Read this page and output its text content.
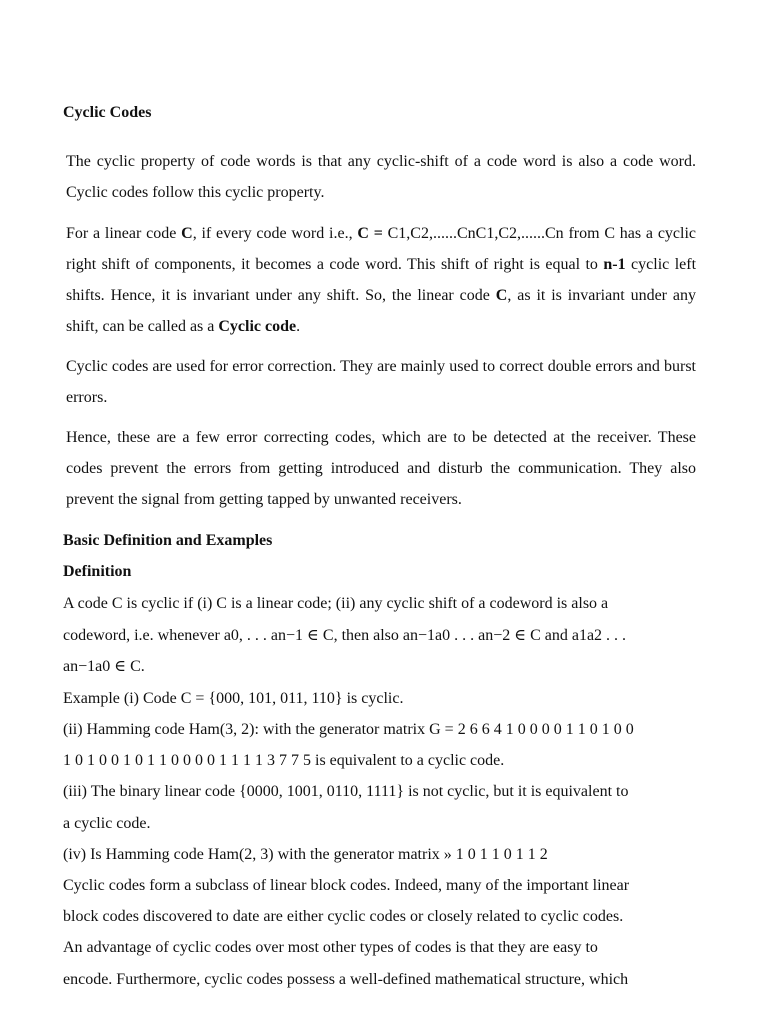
Cyclic Codes
The cyclic property of code words is that any cyclic-shift of a code word is also a code word. Cyclic codes follow this cyclic property.
For a linear code C, if every code word i.e., C = C1,C2,......CnC1,C2,......Cn from C has a cyclic right shift of components, it becomes a code word. This shift of right is equal to n-1 cyclic left shifts. Hence, it is invariant under any shift. So, the linear code C, as it is invariant under any shift, can be called as a Cyclic code.
Cyclic codes are used for error correction. They are mainly used to correct double errors and burst errors.
Hence, these are a few error correcting codes, which are to be detected at the receiver. These codes prevent the errors from getting introduced and disturb the communication. They also prevent the signal from getting tapped by unwanted receivers.
Basic Definition and Examples
Definition
A code C is cyclic if (i) C is a linear code; (ii) any cyclic shift of a codeword is also a
codeword, i.e. whenever a0, . . . an−1 ∈ C, then also an−1a0 . . . an−2 ∈ C and a1a2 . . .
an−1a0 ∈ C.
Example (i) Code C = {000, 101, 011, 110} is cyclic.
(ii) Hamming code Ham(3, 2): with the generator matrix G = 2 6 6 4 1 0 0 0 0 1 1 0 1 0 0
1 0 1 0 0 1 0 1 1 0 0 0 0 1 1 1 1 3 7 7 5 is equivalent to a cyclic code.
(iii) The binary linear code {0000, 1001, 0110, 1111} is not cyclic, but it is equivalent to
a cyclic code.
(iv) Is Hamming code Ham(2, 3) with the generator matrix » 1 0 1 1 0 1 1 2
Cyclic codes form a subclass of linear block codes. Indeed, many of the important linear
block codes discovered to date are either cyclic codes or closely related to cyclic codes.
An advantage of cyclic codes over most other types of codes is that they are easy to
encode. Furthermore, cyclic codes possess a well-defined mathematical structure, which
